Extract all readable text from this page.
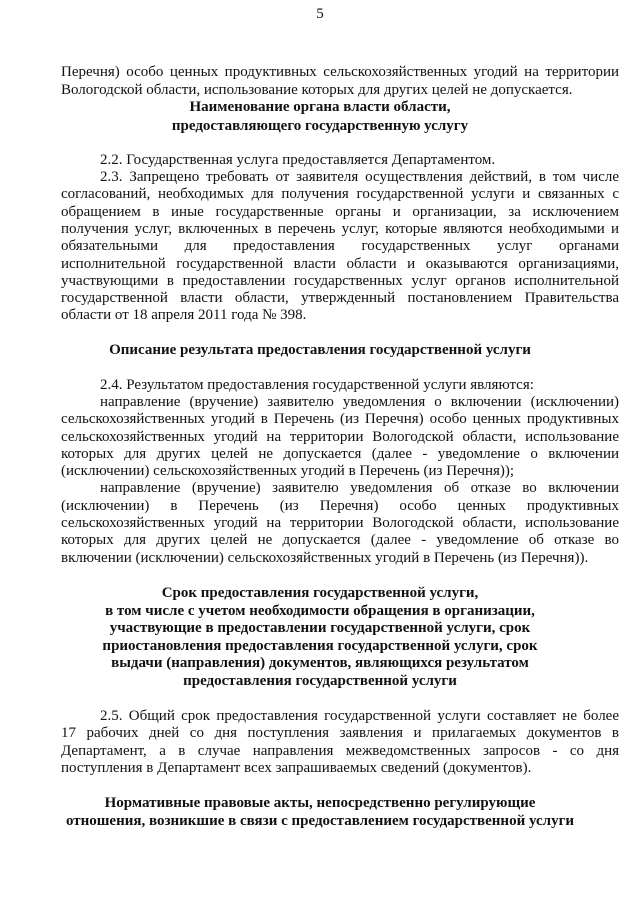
5
Перечня) особо ценных продуктивных сельскохозяйственных угодий на территории
Вологодской области, использование которых для других целей не допускается.
Наименование органа власти области,
предоставляющего государственную услугу
2.2. Государственная услуга предоставляется Департаментом.
2.3. Запрещено требовать от заявителя осуществления действий, в том числе
согласований, необходимых для получения государственной услуги и связанных с
обращением в иные государственные органы и организации, за исключением
получения услуг, включенных в перечень услуг, которые являются необходимыми и
обязательными для предоставления государственных услуг органами
исполнительной государственной власти области и оказываются организациями,
участвующими в предоставлении государственных услуг органов исполнительной
государственной власти области, утвержденный постановлением Правительства
области от 18 апреля 2011 года № 398.
Описание результата предоставления государственной услуги
2.4. Результатом предоставления государственной услуги являются:
направление (вручение) заявителю уведомления о включении (исключении)
сельскохозяйственных угодий в Перечень (из Перечня) особо ценных продуктивных
сельскохозяйственных угодий на территории Вологодской области, использование
которых для других целей не допускается (далее - уведомление о включении
(исключении) сельскохозяйственных угодий в Перечень (из Перечня));
направление (вручение) заявителю уведомления об отказе во включении
(исключении) в Перечень (из Перечня) особо ценных продуктивных
сельскохозяйственных угодий на территории Вологодской области, использование
которых для других целей не допускается (далее - уведомление об отказе во
включении (исключении) сельскохозяйственных угодий в Перечень (из Перечня)).
Срок предоставления государственной услуги,
в том числе с учетом необходимости обращения в организации,
участвующие в предоставлении государственной услуги, срок
приостановления предоставления государственной услуги, срок
выдачи (направления) документов, являющихся результатом
предоставления государственной услуги
2.5. Общий срок предоставления государственной услуги составляет не более
17 рабочих дней со дня поступления заявления и прилагаемых документов в
Департамент, а в случае направления межведомственных запросов - со дня
поступления в Департамент всех запрашиваемых сведений (документов).
Нормативные правовые акты, непосредственно регулирующие
отношения, возникшие в связи с предоставлением государственной услуги
